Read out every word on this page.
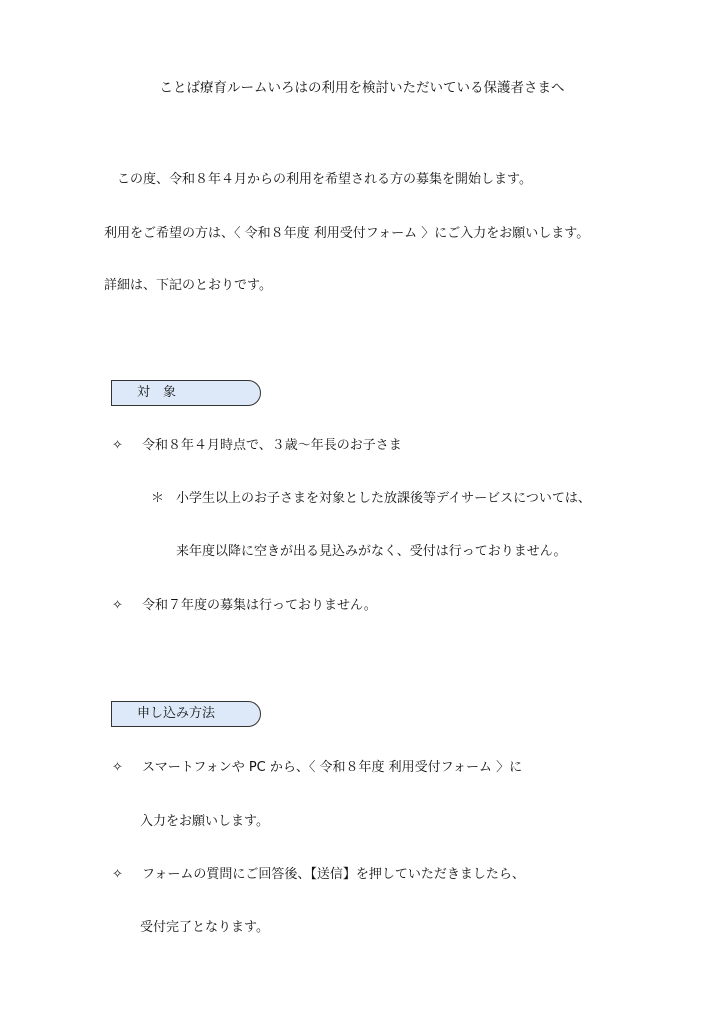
ことば療育ルームいろはの利用を検討いただいている保護者さまへ
この度、令和８年４月からの利用を希望される方の募集を開始します。
利用をご希望の方は、〈 令和８年度 利用受付フォーム 〉にご入力をお願いします。
詳細は、下記のとおりです。
対　象
✧ 令和８年４月時点で、３歳〜年長のお子さま
＊ 小学生以上のお子さまを対象とした放課後等デイサービスについては、
来年度以降に空きが出る見込みがなく、受付は行っておりません。
✧ 令和７年度の募集は行っておりません。
申し込み方法
✧ スマートフォンや PC から、〈 令和８年度 利用受付フォーム 〉に
入力をお願いします。
✧ フォームの質問にご回答後、【送信】を押していただきましたら、
受付完了となります。
